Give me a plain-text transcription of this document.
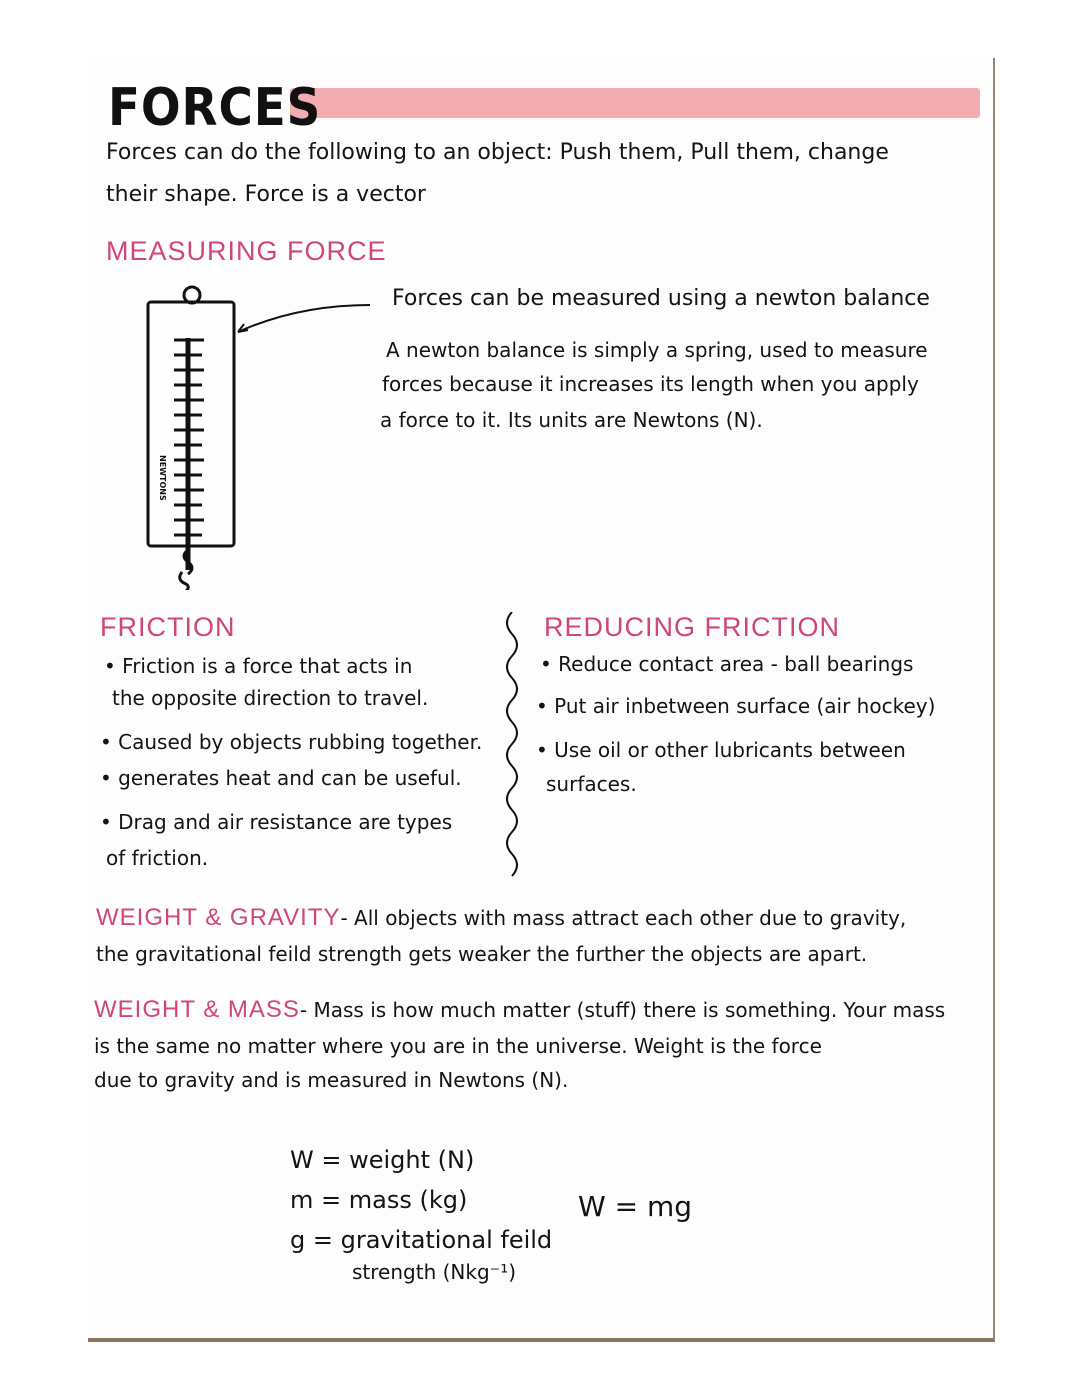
FORCES
Forces can do the following to an object: Push them, Pull them, change
their shape. Force is a vector
MEASURING FORCE
NEWTONS
Forces can be measured using a newton balance
A newton balance is simply a spring, used to measure
forces because it increases its length when you apply
a force to it. Its units are Newtons (N).
FRICTION
• Friction is a force that acts in
the opposite direction to travel.
• Caused by objects rubbing together.
• generates heat and can be useful.
• Drag and air resistance are types
of friction.
REDUCING FRICTION
• Reduce contact area - ball bearings
• Put air inbetween surface (air hockey)
• Use oil or other lubricants between
surfaces.
WEIGHT & GRAVITY- All objects with mass attract each other due to gravity,
the gravitational feild strength gets weaker the further the objects are apart.
WEIGHT & MASS- Mass is how much matter (stuff) there is something. Your mass
is the same no matter where you are in the universe. Weight is the force
due to gravity and is measured in Newtons (N).
W = weight (N)
m = mass (kg)
g = gravitational feild
strength (Nkg⁻¹)
W = mg
